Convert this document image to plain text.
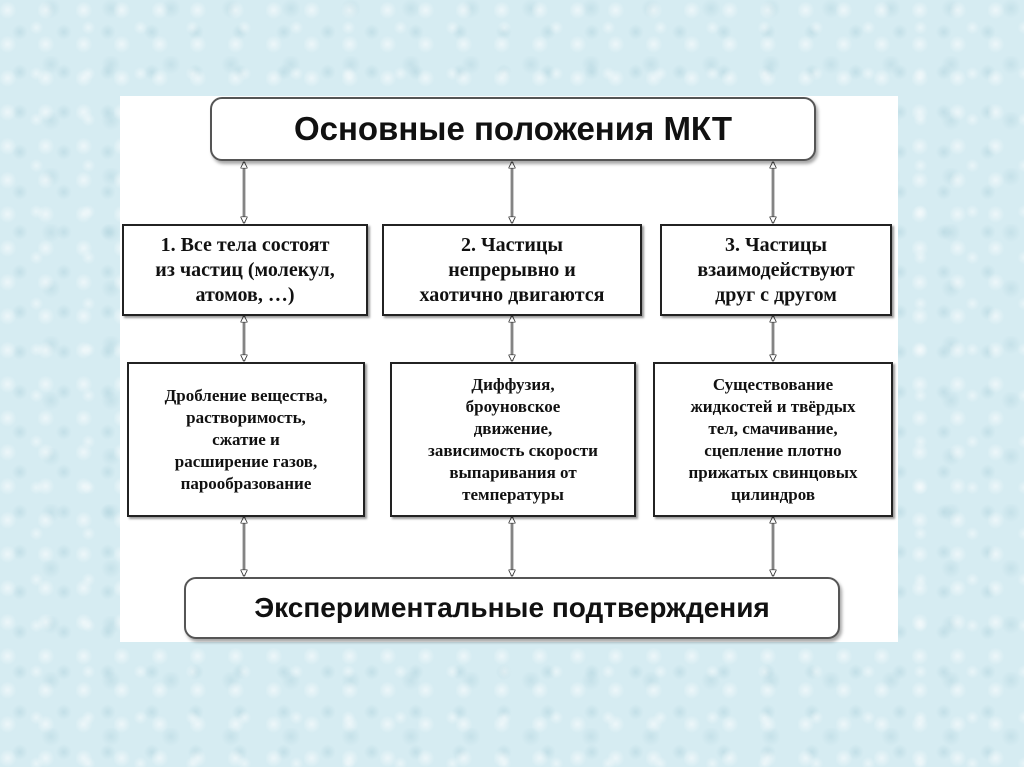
Основные положения МКТ
1. Все тела состоят
из частиц (молекул,
атомов, …)
2. Частицы
непрерывно и
хаотично двигаются
3. Частицы
взаимодействуют
друг с другом
Дробление вещества,
растворимость,
сжатие и
расширение газов,
парообразование
Диффузия,
броуновское
движение,
зависимость скорости
выпаривания от
температуры
Существование
жидкостей и твёрдых
тел, смачивание,
сцепление плотно
прижатых свинцовых
цилиндров
Экспериментальные подтверждения
